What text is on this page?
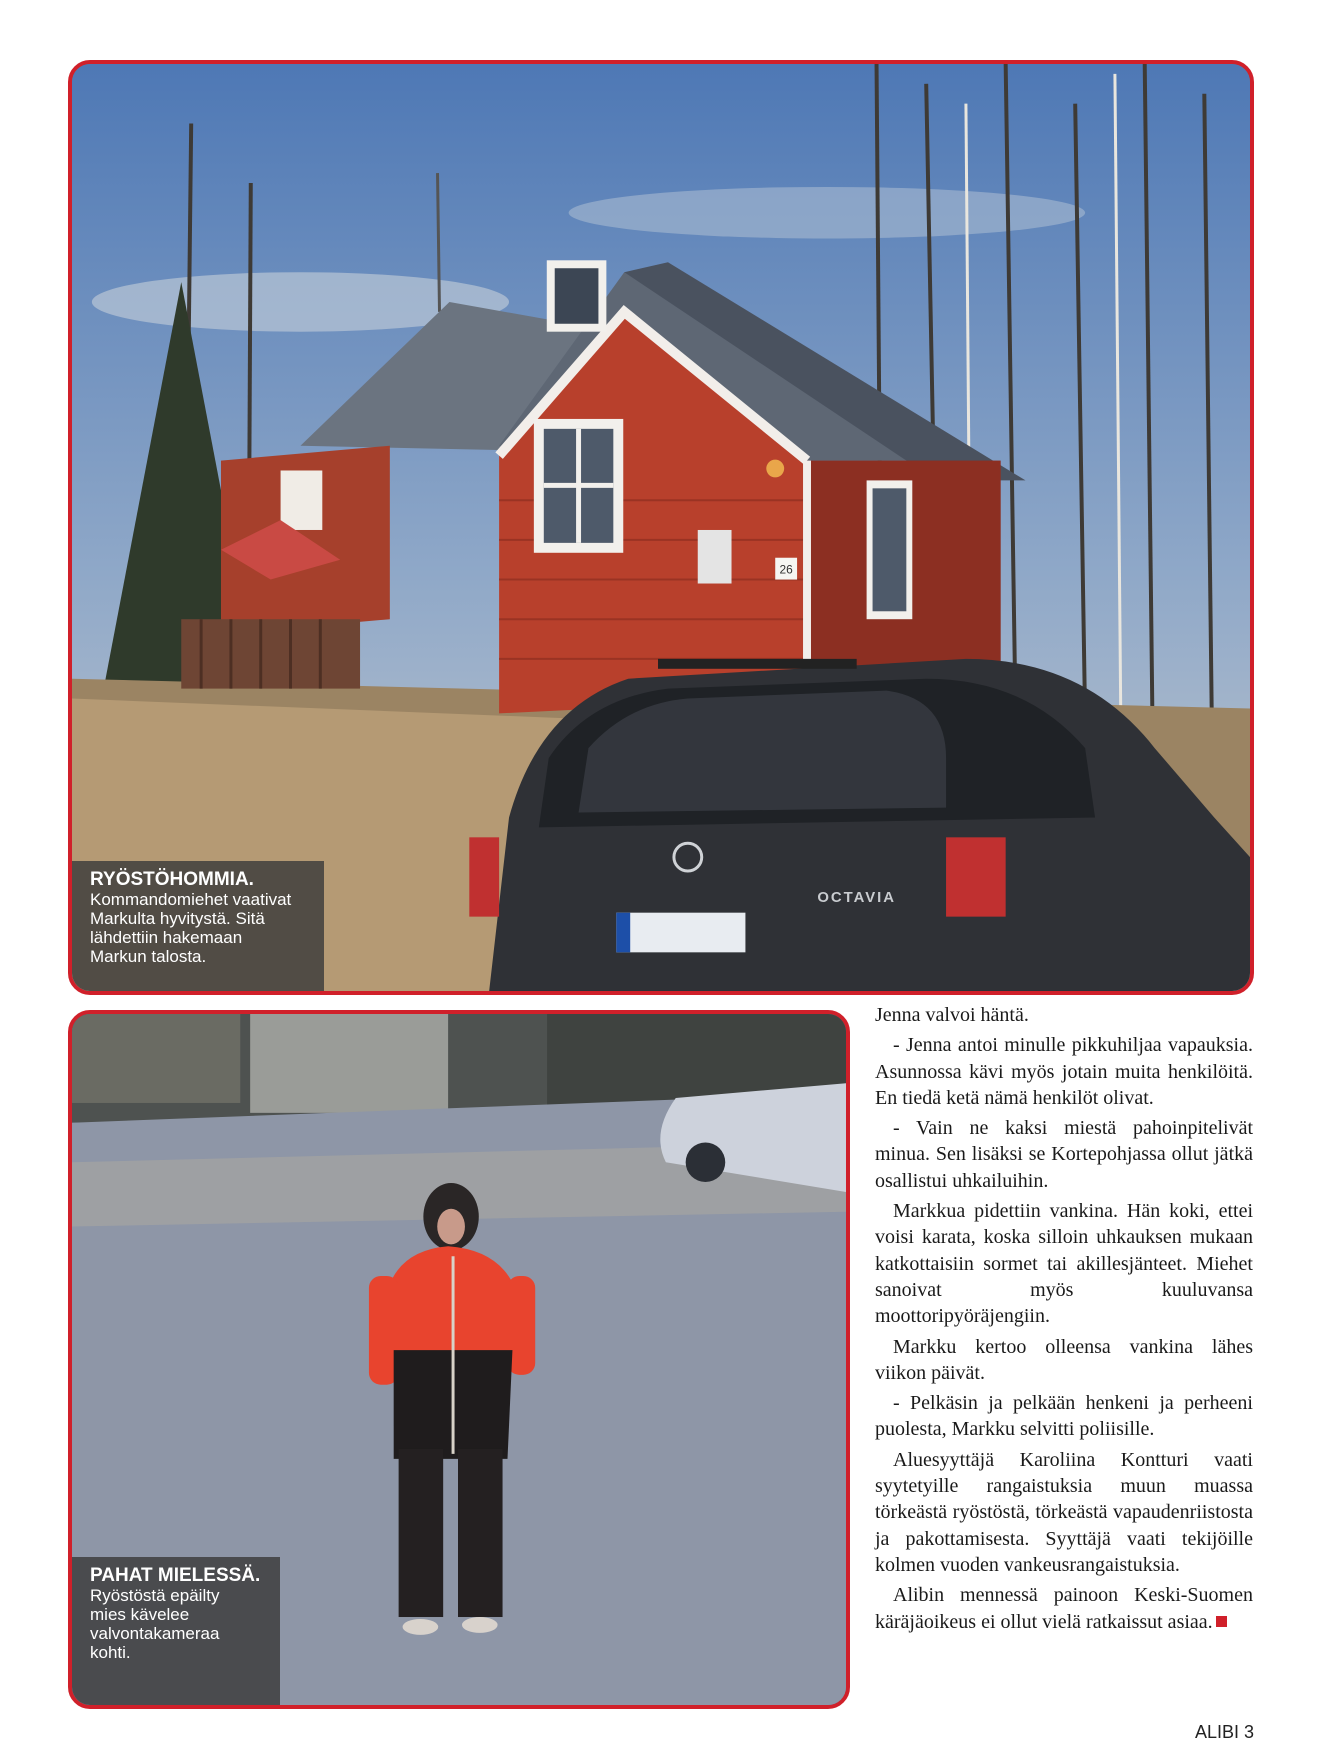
26
OCTAVIA
RYÖSTÖHOMMIA.
Kommandomiehet vaativat
Markulta hyvitystä. Sitä
lähdettiin hakemaan
Markun talosta.
PAHAT MIELESSÄ.
Ryöstöstä epäilty
mies kävelee
valvontakameraa
kohti.

Jenna valvoi häntä.

- Jenna antoi minulle pikkuhiljaa vapauksia. Asunnossa kävi myös jotain muita henkilöitä. En tiedä ketä nämä henkilöt olivat.

- Vain ne kaksi miestä pahoinpitelivät minua. Sen lisäksi se Kortepohjassa ollut jätkä osallistui uhkailuihin.

Markkua pidettiin vankina. Hän koki, ettei voisi karata, koska silloin uhkauksen mukaan katkottaisiin sormet tai akillesjänteet. Miehet sanoivat myös kuuluvansa moottoripyöräjengiin.

Markku kertoo olleensa vankina lähes viikon päivät.

- Pelkäsin ja pelkään henkeni ja perheeni puolesta, Markku selvitti poliisille.

Aluesyyttäjä Karoliina Kontturi vaati syytetyille rangaistuksia muun muassa törkeästä ryöstöstä, törkeästä vapaudenriistosta ja pakottamisesta. Syyttäjä vaati tekijöille kolmen vuoden vankeusrangaistuksia.

Alibin mennessä painoon Keski-Suomen käräjäoikeus ei ollut vielä ratkaissut asiaa.

ALIBI 3
